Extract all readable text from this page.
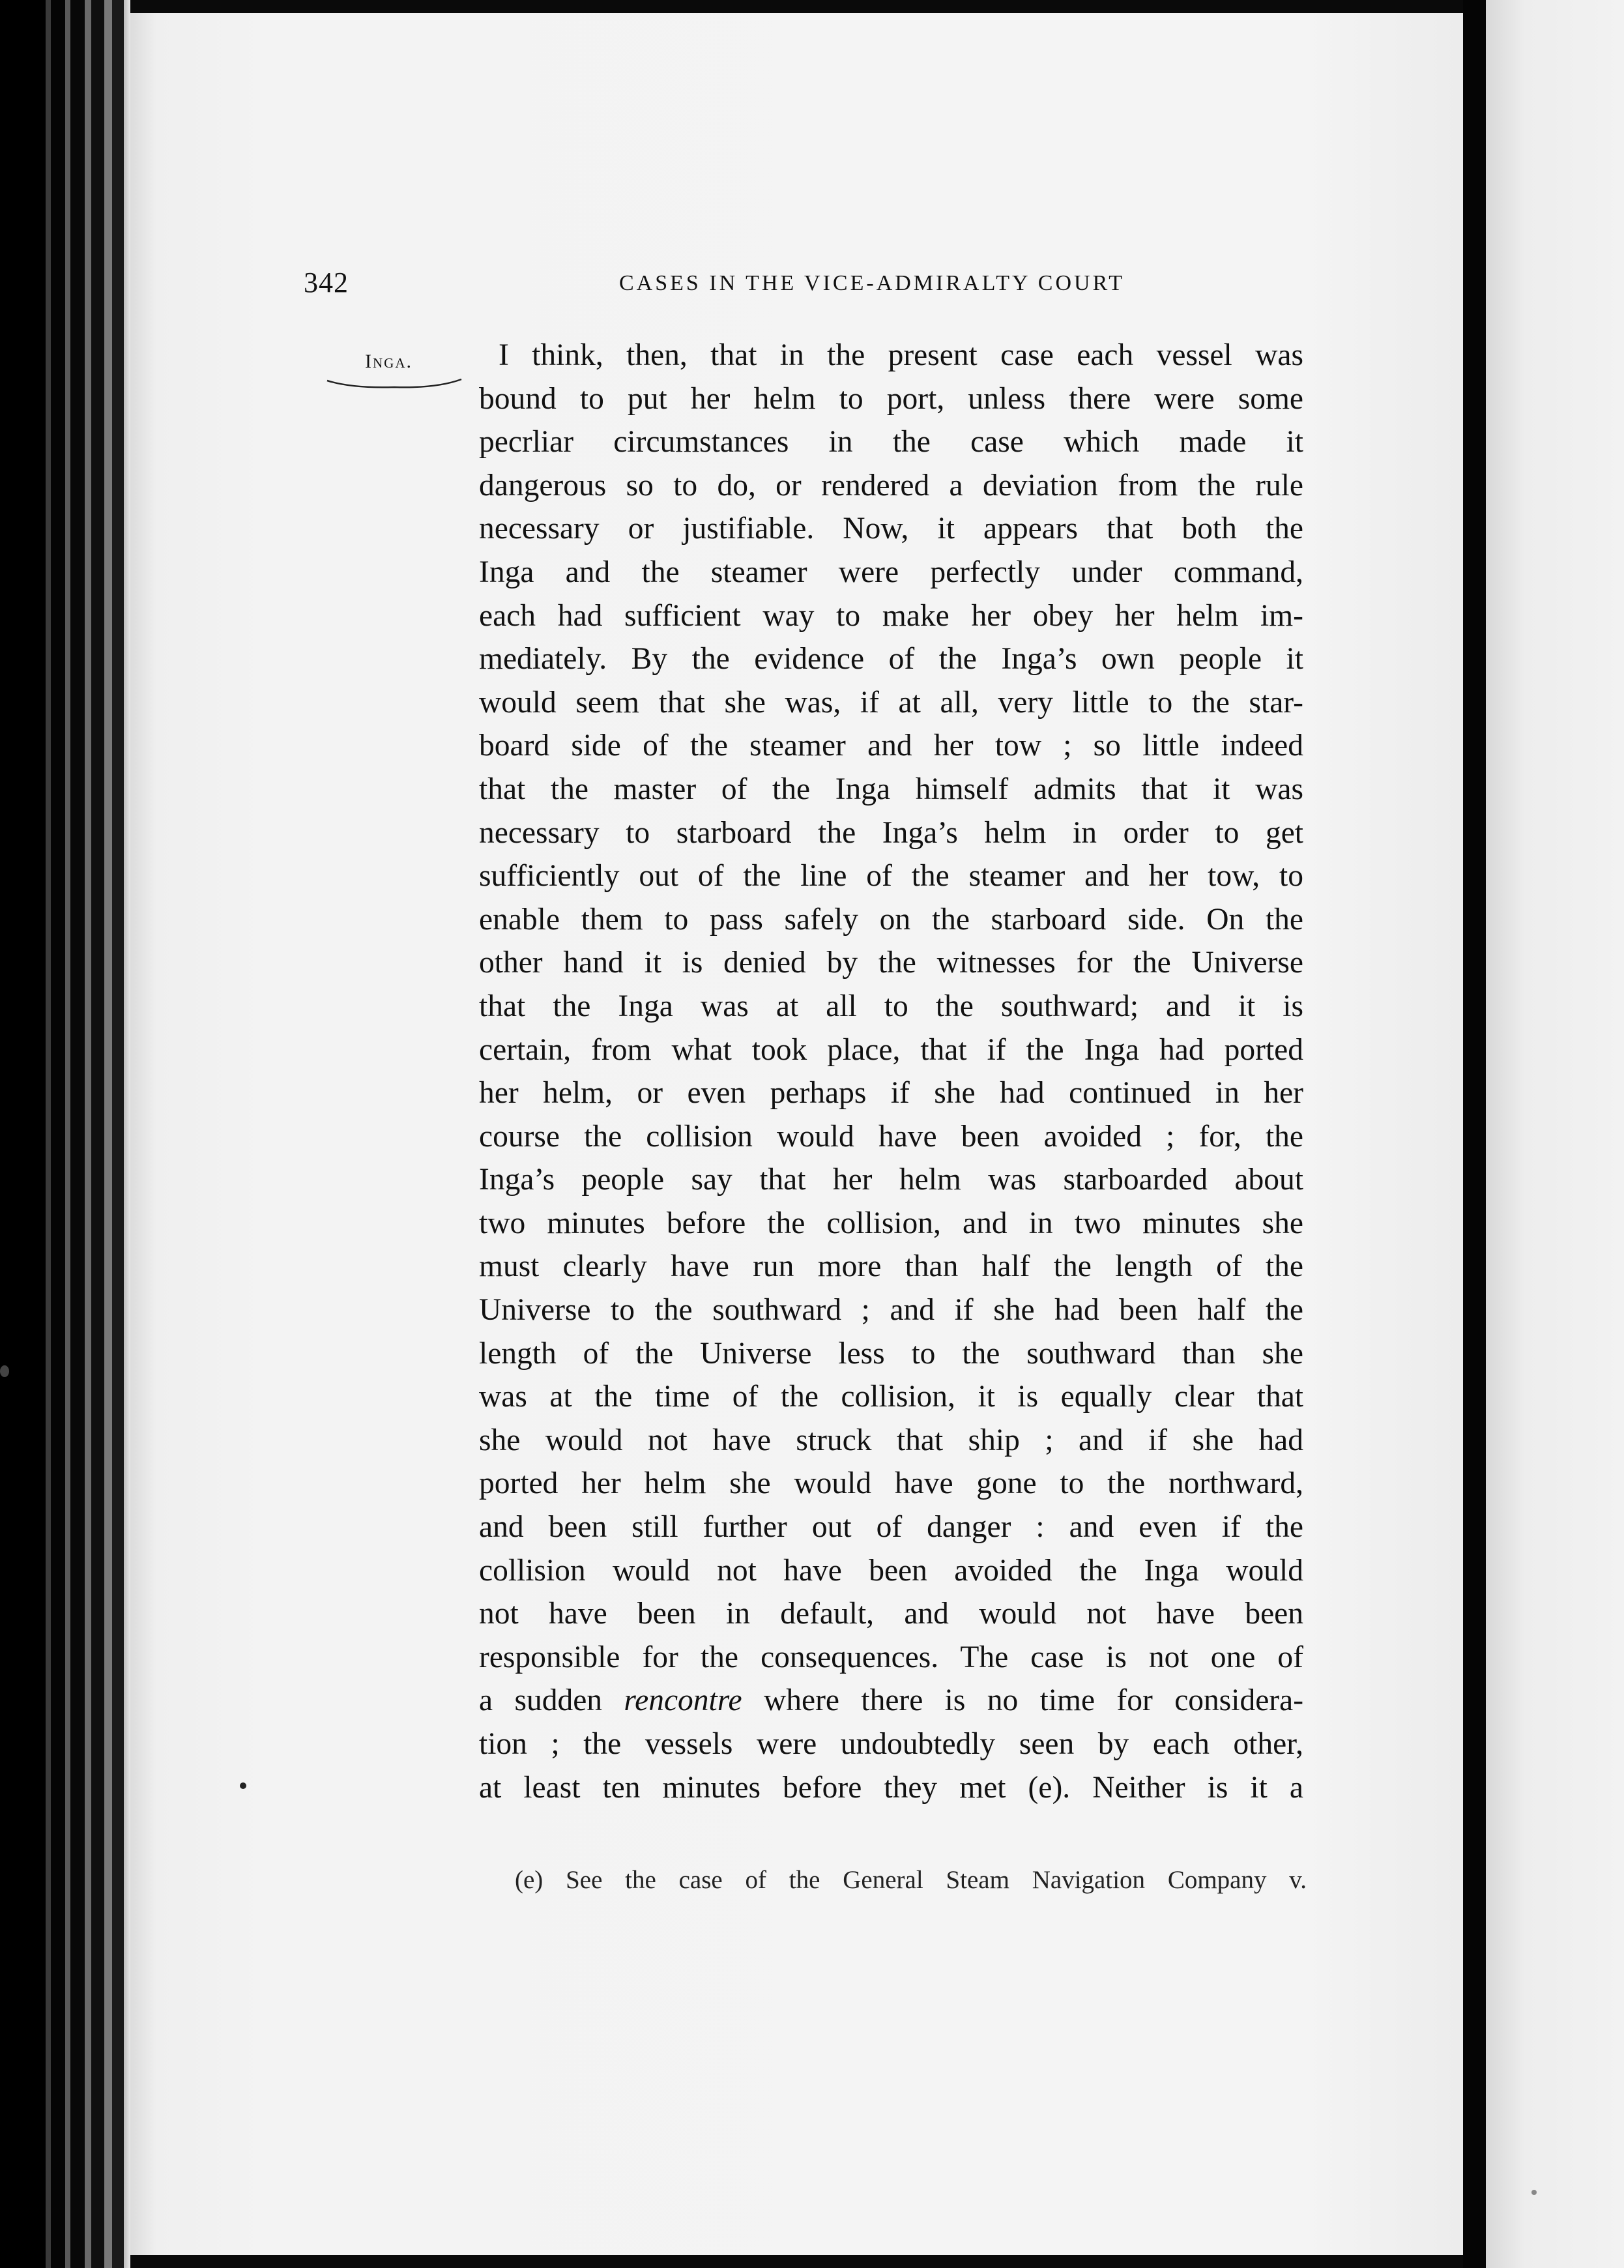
342	CASES IN THE VICE-ADMIRALTY COURT
Inga.	I think, then, that in the present case each vessel was
bound to put her helm to port, unless there were some
pecrliar circumstances in the case which made it
dangerous so to do, or rendered a deviation from the rule
necessary or justifiable. Now, it appears that both the
Inga and the steamer were perfectly under command,
each had sufficient way to make her obey her helm im-
mediately. By the evidence of the Inga’s own people it
would seem that she was, if at all, very little to the star-
board side of the steamer and her tow ; so little indeed
that the master of the Inga himself admits that it was
necessary to starboard the Inga’s helm in order to get
sufficiently out of the line of the steamer and her tow, to
enable them to pass safely on the starboard side. On the
other hand it is denied by the witnesses for the Universe
that the Inga was at all to the southward; and it is
certain, from what took place, that if the Inga had ported
her helm, or even perhaps if she had continued in her
course the collision would have been avoided ; for, the
Inga’s people say that her helm was starboarded about
two minutes before the collision, and in two minutes she
must clearly have run more than half the length of the
Universe to the southward ; and if she had been half the
length of the Universe less to the southward than she
was at the time of the collision, it is equally clear that
she would not have struck that ship ; and if she had
ported her helm she would have gone to the northward,
and been still further out of danger : and even if the
collision would not have been avoided the Inga would
not have been in default, and would not have been
responsible for the consequences. The case is not one of
a sudden rencontre where there is no time for considera-
tion ; the vessels were undoubtedly seen by each other,
at least ten minutes before they met (e). Neither is it a
(e) See the case of the General Steam Navigation Company v.
